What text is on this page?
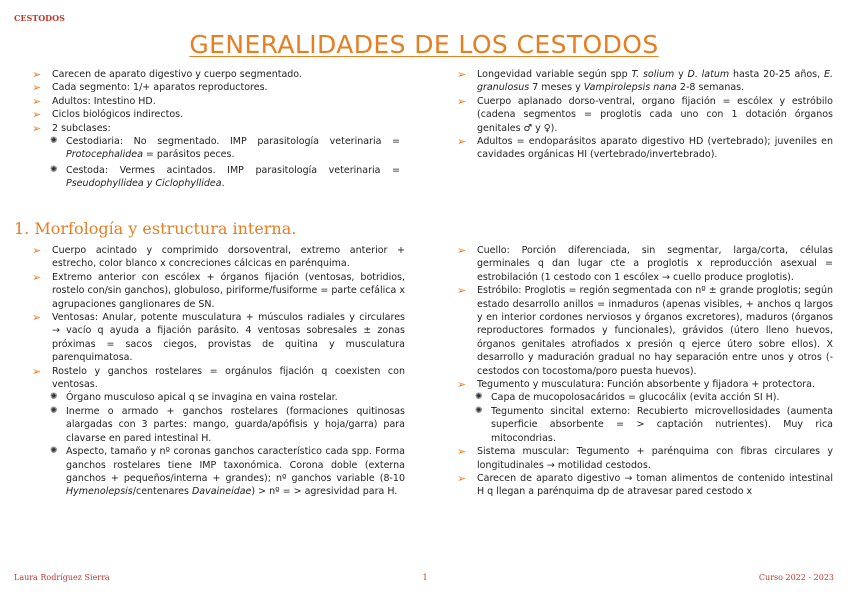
CESTODOS
GENERALIDADES DE LOS CESTODOS
➢ Carecen de aparato digestivo y cuerpo segmentado.
➢ Cada segmento: 1/+ aparatos reproductores.
➢ Adultos: Intestino HD.
➢ Ciclos biológicos indirectos.
➢ 2 subclases:
✺ Cestodiaria: No segmentado. IMP parasitología veterinaria = Protocephalidea = parásitos peces.
✺ Cestoda: Vermes acintados. IMP parasitología veterinaria = Pseudophyllidea y Ciclophyllidea.
➢ Longevidad variable según spp T. solium y D. latum hasta 20-25 años, E. granulosus 7 meses y Vampirolepsis nana 2-8 semanas.
➢ Cuerpo aplanado dorso-ventral, organo fijación = escólex y estróbilo (cadena segmentos = proglotis cada uno con 1 dotación órganos genitales ♂ y ♀).
➢ Adultos = endoparásitos aparato digestivo HD (vertebrado); juveniles en cavidades orgánicas HI (vertebrado/invertebrado).
1. Morfología y estructura interna.
➢ Cuerpo acintado y comprimido dorsoventral, extremo anterior + estrecho, color blanco x concreciones cálcicas en parénquima.
➢ Extremo anterior con escólex + órganos fijación (ventosas, botridios, rostelo con/sin ganchos), globuloso, piriforme/fusiforme = parte cefálica x agrupaciones ganglionares de SN.
➢ Ventosas: Anular, potente musculatura + músculos radiales y circulares → vacío q ayuda a fijación parásito. 4 ventosas sobresales ± zonas próximas = sacos ciegos, provistas de quitina y musculatura parenquimatosa.
➢ Rostelo y ganchos rostelares = orgánulos fijación q coexisten con ventosas.
✺ Órgano musculoso apical q se invagina en vaina rostelar.
✺ Inerme o armado + ganchos rostelares (formaciones quitinosas alargadas con 3 partes: mango, guarda/apófisis y hoja/garra) para clavarse en pared intestinal H.
✺ Aspecto, tamaño y nº coronas ganchos característico cada spp. Forma ganchos rostelares tiene IMP taxonómica. Corona doble (externa ganchos + pequeños/interna + grandes); nº ganchos variable (8-10 Hymenolepsis/centenares Davaineidae) > nº = > agresividad para H.
➢ Cuello: Porción diferenciada, sin segmentar, larga/corta, células germinales q dan lugar cte a proglotis x reproducción asexual = estrobilación (1 cestodo con 1 escólex → cuello produce proglotis).
➢ Estróbilo: Proglotis = región segmentada con nº ± grande proglotis; según estado desarrollo anillos = inmaduros (apenas visibles, + anchos q largos y en interior cordones nerviosos y órganos excretores), maduros (órganos reproductores formados y funcionales), grávidos (útero lleno huevos, órganos genitales atrofiados x presión q ejerce útero sobre ellos). X desarrollo y maduración gradual no hay separación entre unos y otros (- cestodos con tocostoma/poro puesta huevos).
➢ Tegumento y musculatura: Función absorbente y fijadora + protectora.
✺ Capa de mucopolosacáridos = glucocálix (evita acción SI H).
✺ Tegumento sincital externo: Recubierto microvellosidades (aumenta superficie absorbente = > captación nutrientes). Muy rica mitocondrias.
➢ Sistema muscular: Tegumento + parénquima con fibras circulares y longitudinales → motilidad cestodos.
➢ Carecen de aparato digestivo → toman alimentos de contenido intestinal H q llegan a parénquima dp de atravesar pared cestodo x
Laura Rodríguez Sierra	1	Curso 2022 - 2023
